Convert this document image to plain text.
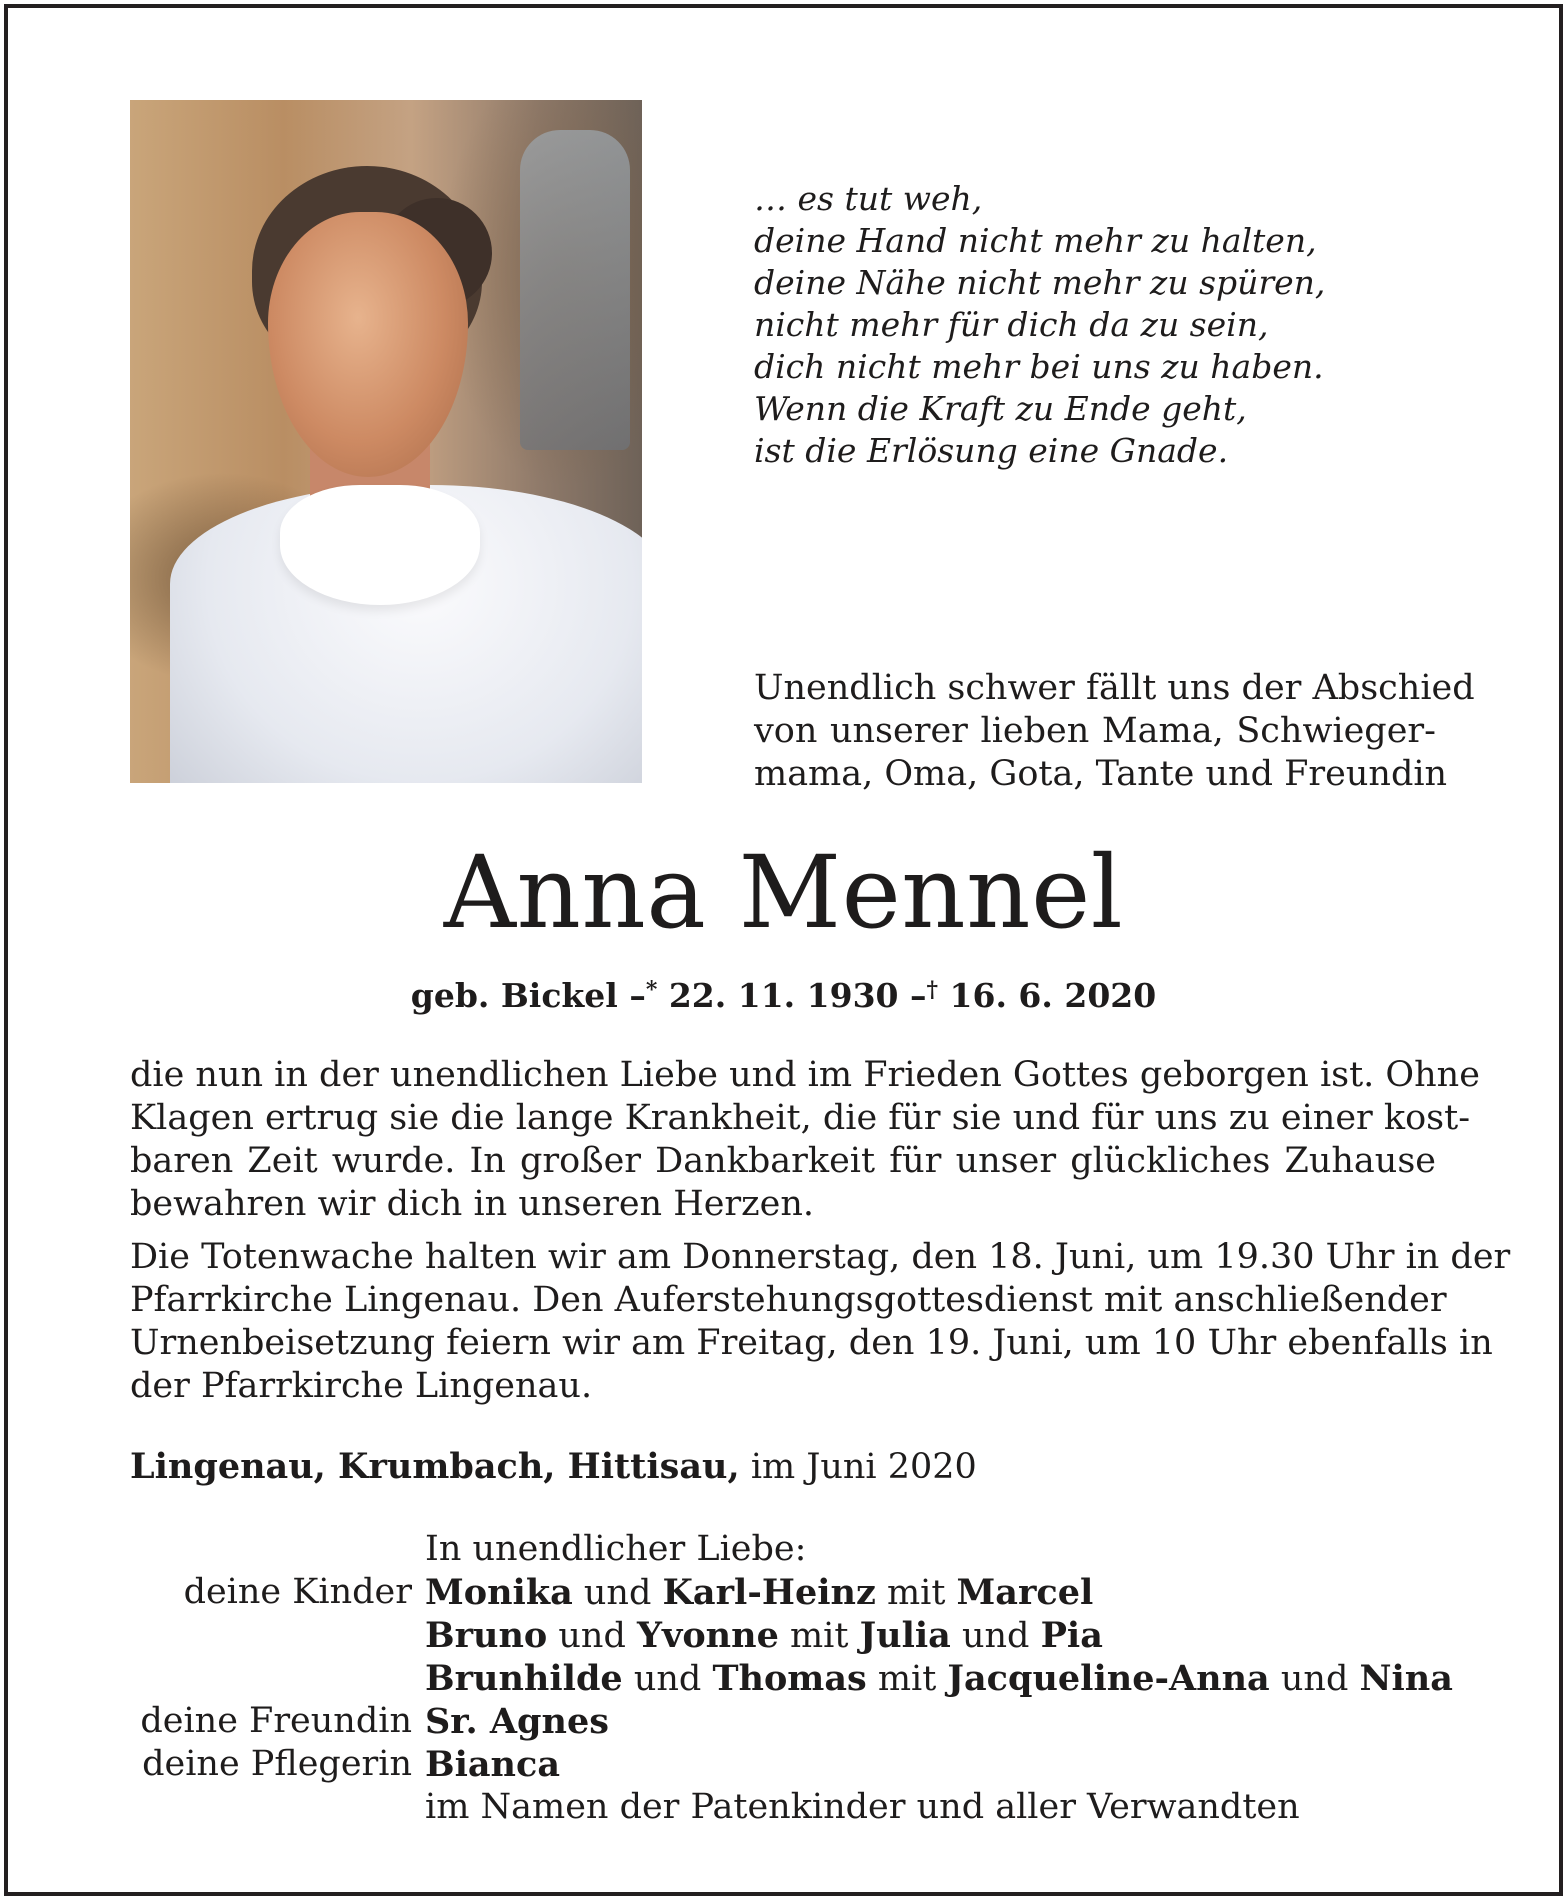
… es tut weh,
deine Hand nicht mehr zu halten,
deine Nähe nicht mehr zu spüren,
nicht mehr für dich da zu sein,
dich nicht mehr bei uns zu haben.
Wenn die Kraft zu Ende geht,
ist die Erlösung eine Gnade.
Unendlich schwer fällt uns der Abschied
von unserer lieben Mama, Schwieger-
mama, Oma, Gota, Tante und Freundin
Anna Mennel
geb. Bickel –* 22. 11. 1930 –† 16. 6. 2020
die nun in der unendlichen Liebe und im Frieden Gottes geborgen ist. Ohne
Klagen ertrug sie die lange Krankheit, die für sie und für uns zu einer kost-
baren Zeit wurde. In großer Dankbarkeit für unser glückliches Zuhause
bewahren wir dich in unseren Herzen.
Die Totenwache halten wir am Donnerstag, den 18. Juni, um 19.30 Uhr in der
Pfarrkirche Lingenau. Den Auferstehungsgottesdienst mit anschließender
Urnenbeisetzung feiern wir am Freitag, den 19. Juni, um 10 Uhr ebenfalls in
der Pfarrkirche Lingenau.
Lingenau, Krumbach, Hittisau, im Juni 2020
In unendlicher Liebe:
deine Kinder Monika und Karl-Heinz mit Marcel
Bruno und Yvonne mit Julia und Pia
Brunhilde und Thomas mit Jacqueline-Anna und Nina
deine Freundin Sr. Agnes
deine Pflegerin Bianca
im Namen der Patenkinder und aller Verwandten
